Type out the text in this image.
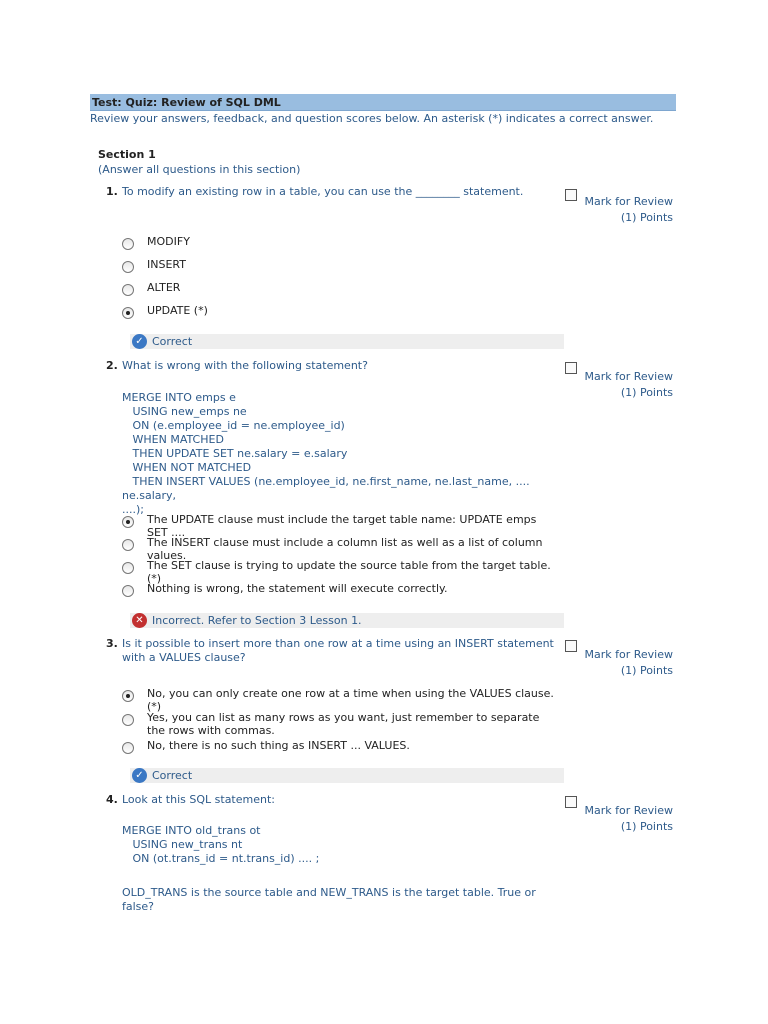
Test: Quiz: Review of SQL DML
Review your answers, feedback, and question scores below. An asterisk (*) indicates a correct answer.
Section 1
(Answer all questions in this section)
1. To modify an existing row in a table, you can use the ________ statement.
Mark for Review
(1) Points
MODIFY
INSERT
ALTER
UPDATE (*)
✓ Correct
2. What is wrong with the following statement?
Mark for Review
(1) Points
MERGE INTO emps e
USING new_emps ne
ON (e.employee_id = ne.employee_id)
WHEN MATCHED
THEN UPDATE SET ne.salary = e.salary
WHEN NOT MATCHED
THEN INSERT VALUES (ne.employee_id, ne.first_name, ne.last_name, .... ne.salary,
....);
The UPDATE clause must include the target table name: UPDATE emps SET ....
The INSERT clause must include a column list as well as a list of column values.
The SET clause is trying to update the source table from the target table. (*)
Nothing is wrong, the statement will execute correctly.
✕ Incorrect. Refer to Section 3 Lesson 1.
3. Is it possible to insert more than one row at a time using an INSERT statement with a VALUES clause?	Mark for Review
(1) Points
No, you can only create one row at a time when using the VALUES clause. (*)
Yes, you can list as many rows as you want, just remember to separate the rows with commas.
No, there is no such thing as INSERT ... VALUES.
✓ Correct
4. Look at this SQL statement:
Mark for Review
(1) Points
MERGE INTO old_trans ot
USING new_trans nt
ON (ot.trans_id = nt.trans_id) .... ;
OLD_TRANS is the source table and NEW_TRANS is the target table. True or false?
